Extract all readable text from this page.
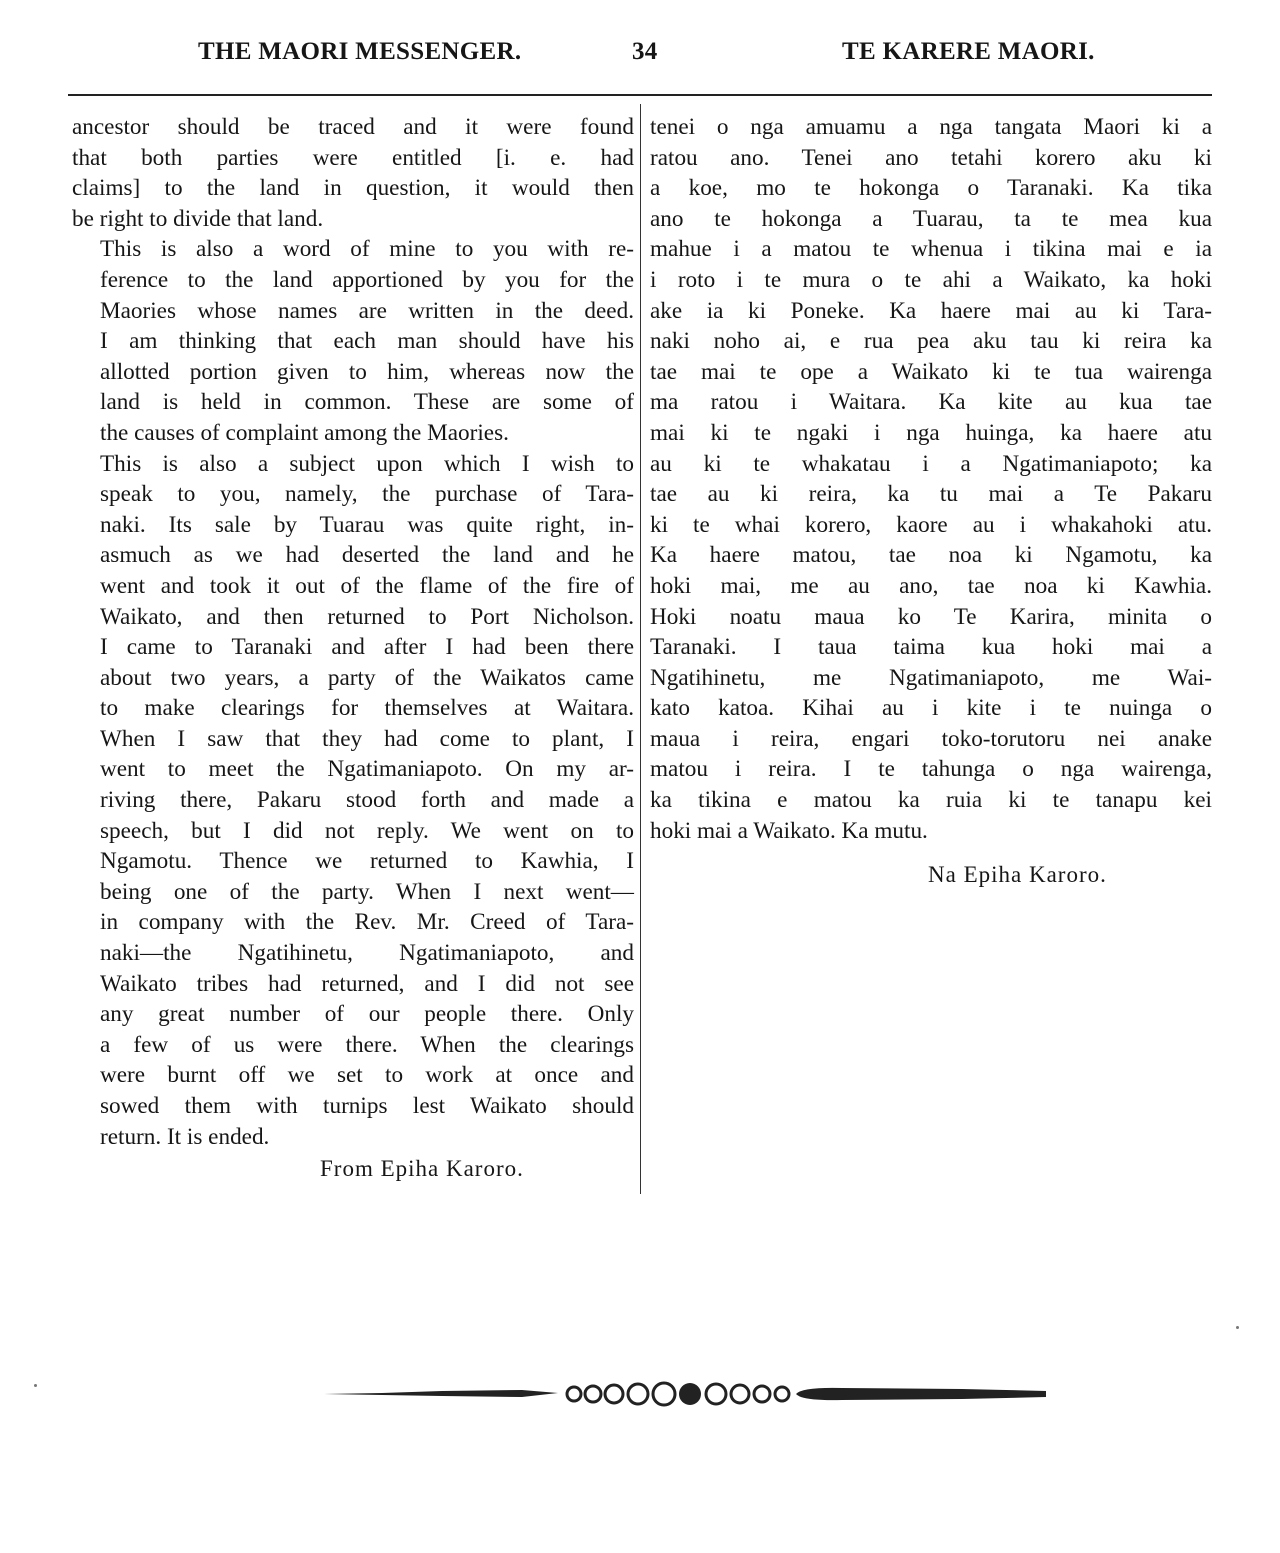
THE MAORI MESSENGER.	34	TE KARERE MAORI.

ancestor should be traced and it were found
that both parties were entitled [i. e. had
claims] to the land in question, it would then
be right to divide that land.

This is also a word of mine to you with re-
ference to the land apportioned by you for the
Maories whose names are written in the deed.
I am thinking that each man should have his
allotted portion given to him, whereas now the
land is held in common. These are some of
the causes of complaint among the Maories.

This is also a subject upon which I wish to
speak to you, namely, the purchase of Tara-
naki. Its sale by Tuarau was quite right, in-
asmuch as we had deserted the land and he
went and took it out of the flame of the fire of
Waikato, and then returned to Port Nicholson.
I came to Taranaki and after I had been there
about two years, a party of the Waikatos came
to make clearings for themselves at Waitara.
When I saw that they had come to plant, I
went to meet the Ngatimaniapoto. On my ar-
riving there, Pakaru stood forth and made a
speech, but I did not reply. We went on to
Ngamotu. Thence we returned to Kawhia, I
being one of the party. When I next went—
in company with the Rev. Mr. Creed of Tara-
naki—the Ngatihinetu, Ngatimaniapoto, and
Waikato tribes had returned, and I did not see
any great number of our people there. Only
a few of us were there. When the clearings
were burnt off we set to work at once and
sowed them with turnips lest Waikato should
return. It is ended.

From Epiha Karoro.

tenei o nga amuamu a nga tangata Maori ki a
ratou ano. Tenei ano tetahi korero aku ki
a koe, mo te hokonga o Taranaki. Ka tika
ano te hokonga a Tuarau, ta te mea kua
mahue i a matou te whenua i tikina mai e ia
i roto i te mura o te ahi a Waikato, ka hoki
ake ia ki Poneke. Ka haere mai au ki Tara-
naki noho ai, e rua pea aku tau ki reira ka
tae mai te ope a Waikato ki te tua wairenga
ma ratou i Waitara. Ka kite au kua tae
mai ki te ngaki i nga huinga, ka haere atu
au ki te whakatau i a Ngatimaniapoto; ka
tae au ki reira, ka tu mai a Te Pakaru
ki te whai korero, kaore au i whakahoki atu.
Ka haere matou, tae noa ki Ngamotu, ka
hoki mai, me au ano, tae noa ki Kawhia.
Hoki noatu maua ko Te Karira, minita o
Taranaki. I taua taima kua hoki mai a
Ngatihinetu, me Ngatimaniapoto, me Wai-
kato katoa. Kihai au i kite i te nuinga o
maua i reira, engari toko-torutoru nei anake
matou i reira. I te tahunga o nga wairenga,
ka tikina e matou ka ruia ki te tanapu kei
hoki mai a Waikato. Ka mutu.

Na Epiha Karoro.
